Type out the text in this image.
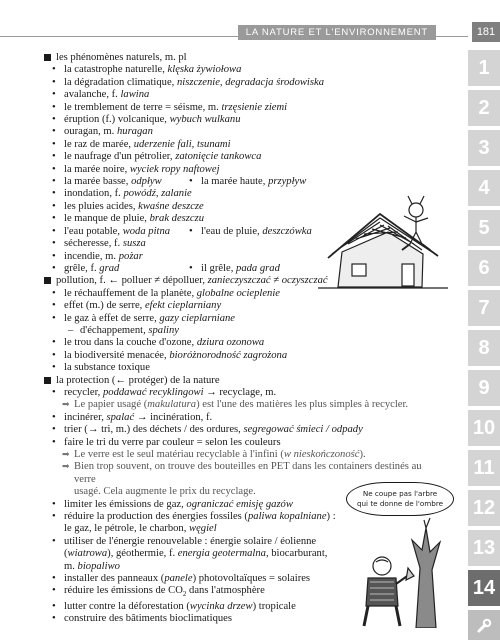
LA NATURE ET L'ENVIRONNEMENT	181
1
2
3
4
5
6
7
8
9
10
11
12
13
14
les phénomènes naturels, m. pl
• la catastrophe naturelle, klęska żywiołowa
• la dégradation climatique, niszczenie, degradacja środowiska
• avalanche, f. lawina
• le tremblement de terre = séisme, m. trzęsienie ziemi
• éruption (f.) volcanique, wybuch wulkanu
• ouragan, m. huragan
• le raz de marée, uderzenie fali, tsunami
• le naufrage d'un pétrolier, zatonięcie tankowca
• la marée noire, wyciek ropy naftowej
• la marée basse, odpływ	• la marée haute, przypływ
• inondation, f. powódź, zalanie
• les pluies acides, kwaśne deszcze
• le manque de pluie, brak deszczu
• l'eau potable, woda pitna	• l'eau de pluie, deszczówka
• sécheresse, f. susza
• incendie, m. pożar
• grêle, f. grad	• il grêle, pada grad
pollution, f. ← polluer ≠ dépolluer, zanieczyszczać ≠ oczyszczać
• le réchauffement de la planète, globalne ocieplenie
• effet (m.) de serre, efekt cieplarniany
• le gaz à effet de serre, gazy cieplarniane
– d'échappement, spaliny
• le trou dans la couche d'ozone, dziura ozonowa
• la biodiversité menacée, bioróżnorodność zagrożona
• la substance toxique
la protection (← protéger) de la nature
• recycler, poddawać recyklingowi → recyclage, m.
➡ Le papier usagé (makulatura) est l'une des matières les plus simples à recycler.
• incinérer, spalać → incinération, f.
• trier (→ tri, m.) des déchets / des ordures, segregować śmieci / odpady
• faire le tri du verre par couleur = selon les couleurs
➡ Le verre est le seul matériau recyclable à l'infini (w nieskończoność).
➡ Bien trop souvent, on trouve des bouteilles en PET dans les containers destinés au verre
usagé. Cela augmente le prix du recyclage.
• limiter les émissions de gaz, ograniczać emisję gazów
• réduire la production des énergies fossiles (paliwa kopalniane) :
le gaz, le pétrole, le charbon, węgiel
• utiliser de l'énergie renouvelable : énergie solaire / éolienne
(wiatrowa), géothermie, f. energia geotermalna, biocarburant,
m. biopaliwo
• installer des panneaux (panele) photovoltaïques = solaires
• réduire les émissions de $CO_2$ dans l'atmosphère
• lutter contre la déforestation (wycinka drzew) tropicale
• construire des bâtiments bioclimatiques
Ne coupe pas l'arbre
qui te donne de l'ombre
